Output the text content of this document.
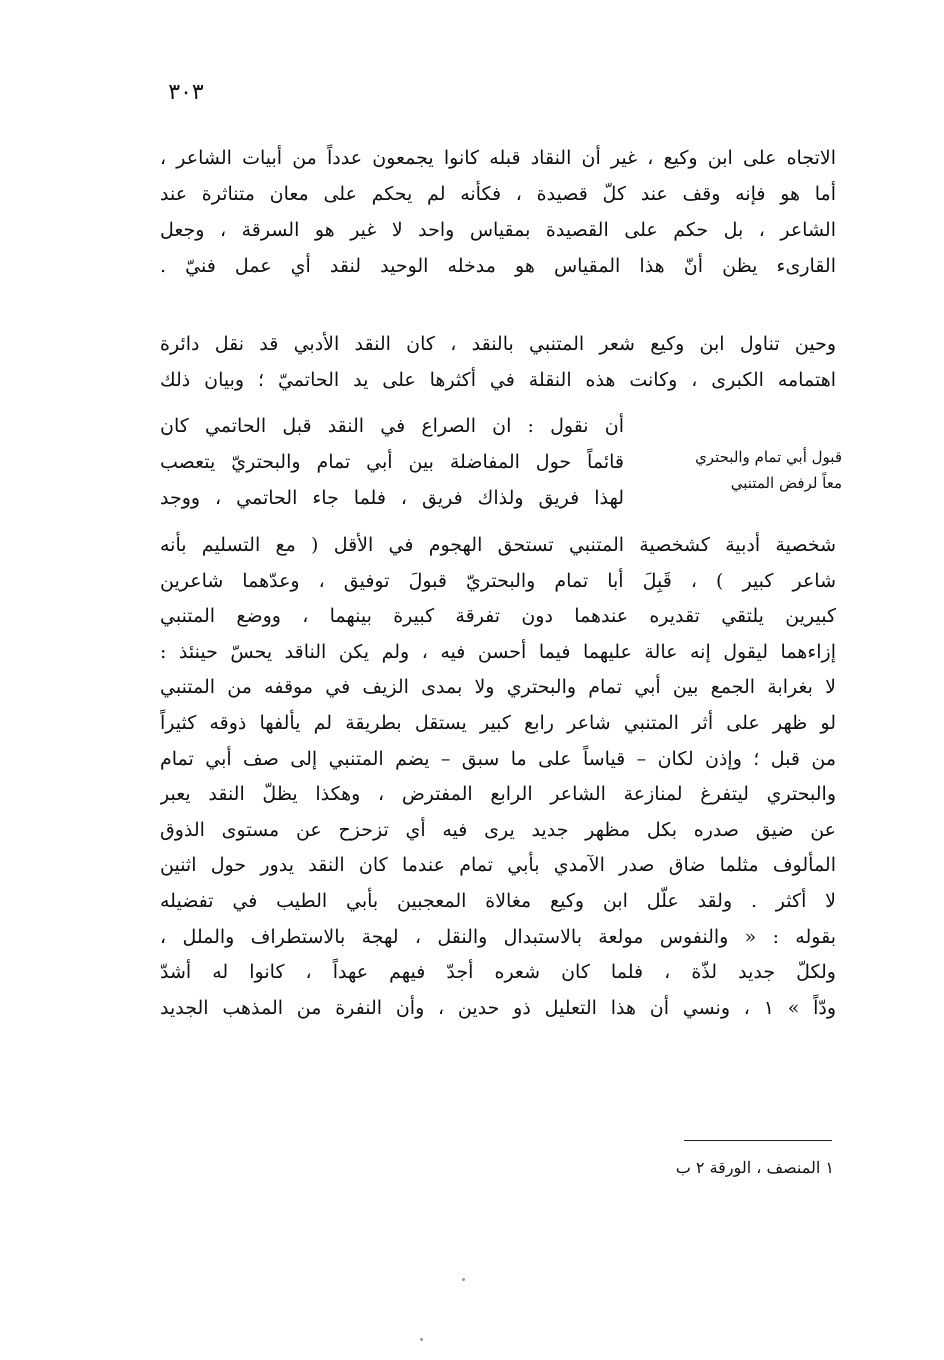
٣٠٣
الاتجاه على ابن وكيع ، غير أن النقاد قبله كانوا يجمعون عدداً من أبيات الشاعر ،
أما هو فإنه وقف عند كلّ قصيدة ، فكأنه لم يحكم على معان متناثرة عند
الشاعر ، بل حكم على القصيدة بمقياس واحد لا غير هو السرقة ، وجعل
القارىء يظن أنّ هذا المقياس هو مدخله الوحيد لنقد أي عمل فنيّ .
وحين تناول ابن وكيع شعر المتنبي بالنقد ، كان النقد الأدبي قد نقل دائرة
اهتمامه الكبرى ، وكانت هذه النقلة في أكثرها على يد الحاتميّ ؛ وبيان ذلك
أن نقول : ان الصراع في النقد قبل الحاتمي كان
قائماً حول المفاضلة بين أبي تمام والبحتريّ يتعصب
لهذا فريق ولذاك فريق ، فلما جاء الحاتمي ، ووجد
قبول أبي تمام والبحتري
معاً لرفض المتنبي
شخصية أدبية كشخصية المتنبي تستحق الهجوم في الأقل ( مع التسليم بأنه
شاعر كبير ) ، قَبِلَ أبا تمام والبحتريّ قبولَ توفيق ، وعدّهما شاعرين
كبيرين يلتقي تقديره عندهما دون تفرقة كبيرة بينهما ، ووضع المتنبي
إزاءهما ليقول إنه عالة عليهما فيما أحسن فيه ، ولم يكن الناقد يحسّ حينئذ :
لا بغرابة الجمع بين أبي تمام والبحتري ولا بمدى الزيف في موقفه من المتنبي
لو ظهر على أثر المتنبي شاعر رابع كبير يستقل بطريقة لم يألفها ذوقه كثيراً
من قبل ؛ وإذن لكان – قياساً على ما سبق – يضم المتنبي إلى صف أبي تمام
والبحتري ليتفرغ لمنازعة الشاعر الرابع المفترض ، وهكذا يظلّ النقد يعبر
عن ضيق صدره بكل مظهر جديد يرى فيه أي تزحزح عن مستوى الذوق
المألوف مثلما ضاق صدر الآمدي بأبي تمام عندما كان النقد يدور حول اثنين
لا أكثر . ولقد علّل ابن وكيع مغالاة المعجبين بأبي الطيب في تفضيله
بقوله : « والنفوس مولعة بالاستبدال والنقل ، لهجة بالاستطراف والملل ،
ولكلّ جديد لذّة ، فلما كان شعره أجدّ فيهم عهداً ، كانوا له أشدّ
ودّاً » ١ ، ونسي أن هذا التعليل ذو حدين ، وأن النفرة من المذهب الجديد
١ المنصف ، الورقة ٢ ب
